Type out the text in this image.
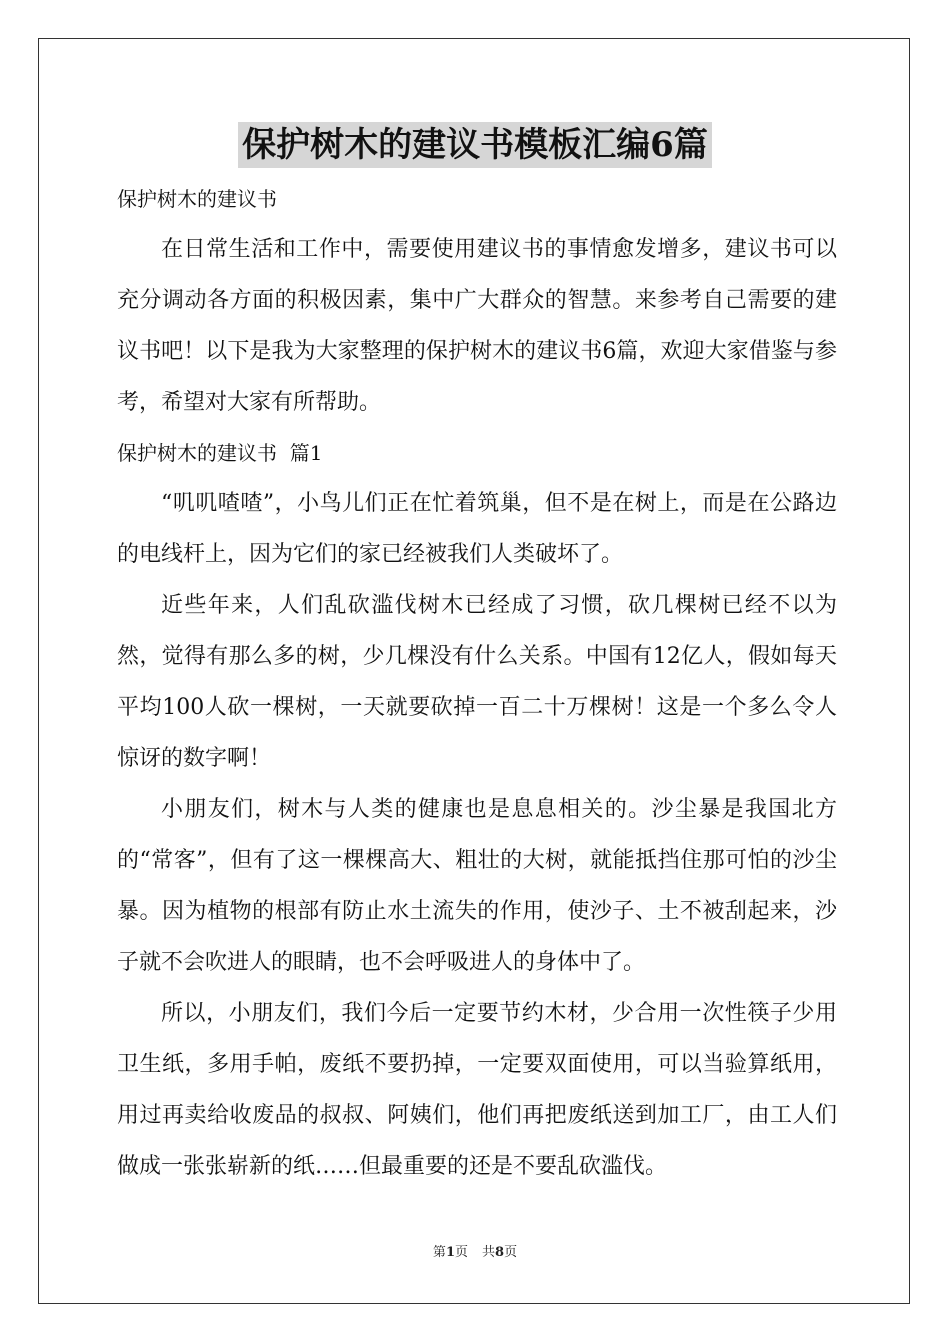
保护树木的建议书模板汇编6篇
保护树木的建议书

在日常生活和工作中，需要使用建议书的事情愈发增多，建议书可以充分调动各方面的积极因素，集中广大群众的智慧。来参考自己需要的建议书吧！以下是我为大家整理的保护树木的建议书6篇，欢迎大家借鉴与参考，希望对大家有所帮助。

保护树木的建议书  篇1

“叽叽喳喳”，小鸟儿们正在忙着筑巢，但不是在树上，而是在公路边的电线杆上，因为它们的家已经被我们人类破坏了。

近些年来，人们乱砍滥伐树木已经成了习惯，砍几棵树已经不以为然，觉得有那么多的树，少几棵没有什么关系。中国有12亿人，假如每天平均100人砍一棵树，一天就要砍掉一百二十万棵树！这是一个多么令人惊讶的数字啊！

小朋友们，树木与人类的健康也是息息相关的。沙尘暴是我国北方的“常客”，但有了这一棵棵高大、粗壮的大树，就能抵挡住那可怕的沙尘暴。因为植物的根部有防止水土流失的作用，使沙子、土不被刮起来，沙子就不会吹进人的眼睛，也不会呼吸进人的身体中了。

所以，小朋友们，我们今后一定要节约木材，少合用一次性筷子少用卫生纸，多用手帕，废纸不要扔掉，一定要双面使用，可以当验算纸用，用过再卖给收废品的叔叔、阿姨们，他们再把废纸送到加工厂，由工人们做成一张张崭新的纸……但最重要的还是不要乱砍滥伐。

第1页 共8页
